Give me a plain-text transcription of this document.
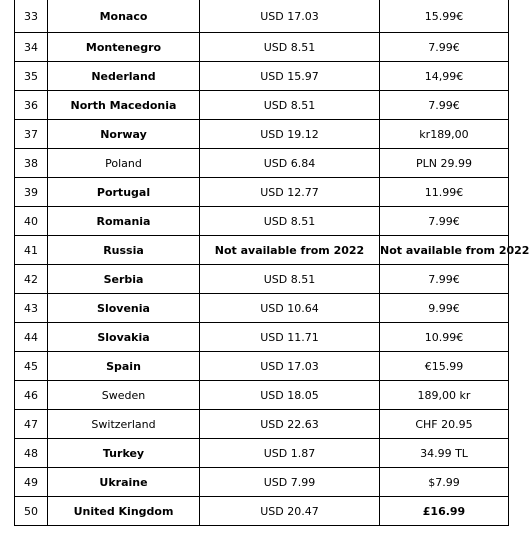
33	Monaco	USD 17.03	15.99€
34	Montenegro	USD 8.51	7.99€
35	Nederland	USD 15.97	14,99€
36	North Macedonia	USD 8.51	7.99€
37	Norway	USD 19.12	kr189,00
38	Poland	USD 6.84	PLN 29.99
39	Portugal	USD 12.77	11.99€
40	Romania	USD 8.51	7.99€
41	Russia	Not available from 2022	Not available from 2022
42	Serbia	USD 8.51	7.99€
43	Slovenia	USD 10.64	9.99€
44	Slovakia	USD 11.71	10.99€
45	Spain	USD 17.03	€15.99
46	Sweden	USD 18.05	189,00 kr
47	Switzerland	USD 22.63	CHF 20.95
48	Turkey	USD 1.87	34.99 TL
49	Ukraine	USD 7.99	$7.99
50	United Kingdom	USD 20.47	£16.99
